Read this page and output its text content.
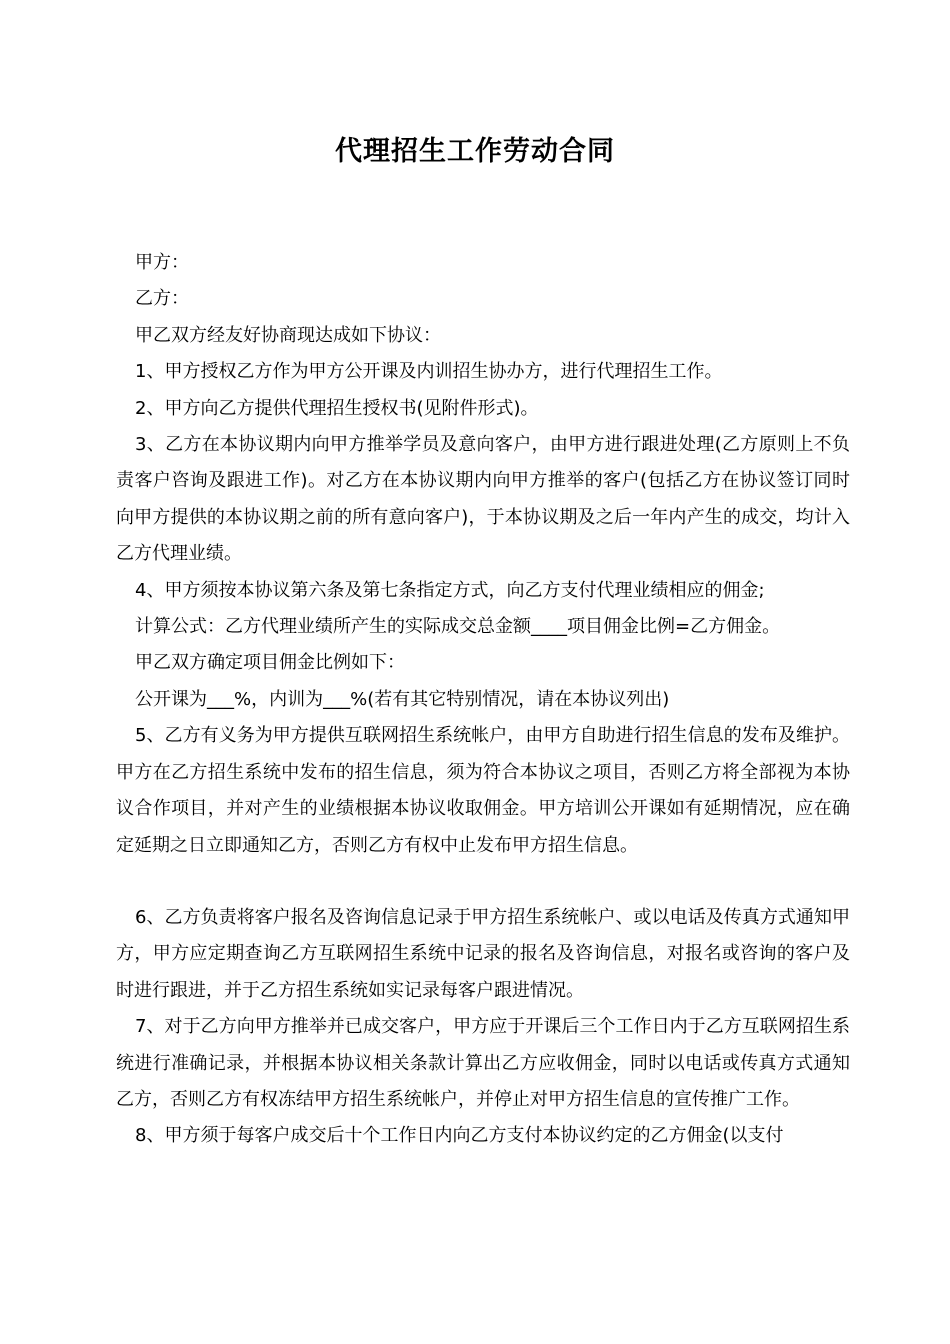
代理招生工作劳动合同

甲方：

乙方：

甲乙双方经友好协商现达成如下协议：

1、甲方授权乙方作为甲方公开课及内训招生协办方，进行代理招生工作。

2、甲方向乙方提供代理招生授权书(见附件形式)。

3、乙方在本协议期内向甲方推举学员及意向客户，由甲方进行跟进处理(乙方原则上不负责客户咨询及跟进工作)。对乙方在本协议期内向甲方推举的客户(包括乙方在协议签订同时向甲方提供的本协议期之前的所有意向客户)，于本协议期及之后一年内产生的成交，均计入乙方代理业绩。

4、甲方须按本协议第六条及第七条指定方式，向乙方支付代理业绩相应的佣金;

计算公式：乙方代理业绩所产生的实际成交总金额____项目佣金比例=乙方佣金。

甲乙双方确定项目佣金比例如下：

公开课为___%，内训为___%(若有其它特别情况，请在本协议列出)

5、乙方有义务为甲方提供互联网招生系统帐户，由甲方自助进行招生信息的发布及维护。甲方在乙方招生系统中发布的招生信息，须为符合本协议之项目，否则乙方将全部视为本协议合作项目，并对产生的业绩根据本协议收取佣金。甲方培训公开课如有延期情况，应在确定延期之日立即通知乙方，否则乙方有权中止发布甲方招生信息。

6、乙方负责将客户报名及咨询信息记录于甲方招生系统帐户、或以电话及传真方式通知甲方，甲方应定期查询乙方互联网招生系统中记录的报名及咨询信息，对报名或咨询的客户及时进行跟进，并于乙方招生系统如实记录每客户跟进情况。

7、对于乙方向甲方推举并已成交客户，甲方应于开课后三个工作日内于乙方互联网招生系统进行准确记录，并根据本协议相关条款计算出乙方应收佣金，同时以电话或传真方式通知乙方，否则乙方有权冻结甲方招生系统帐户，并停止对甲方招生信息的宣传推广工作。

8、甲方须于每客户成交后十个工作日内向乙方支付本协议约定的乙方佣金(以支付
